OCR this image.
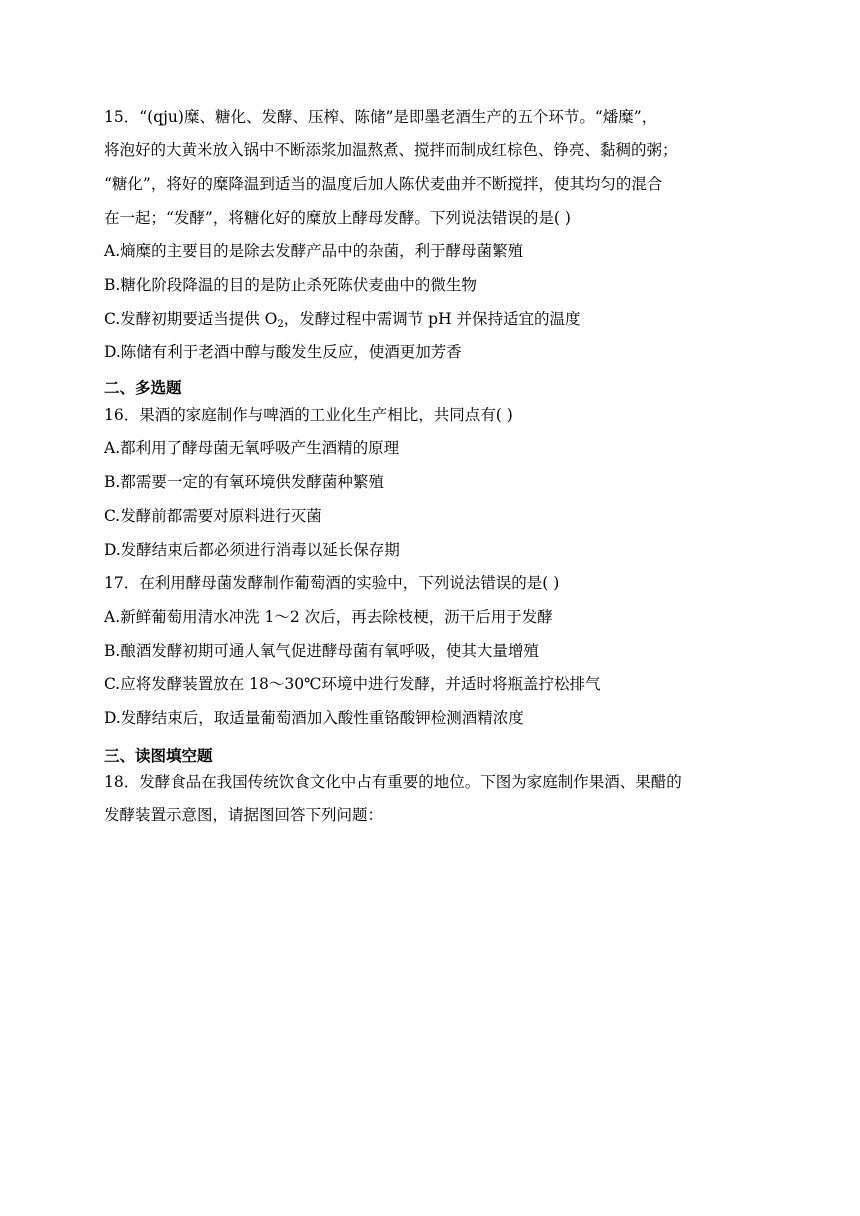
15．“(qju)糜、糖化、发酵、压榨、陈储”是即墨老酒生产的五个环节。“燔糜”，
将泡好的大黄米放入锅中不断添浆加温熬煮、搅拌而制成红棕色、铮亮、黏稠的粥；
“糖化”，将好的糜降温到适当的温度后加人陈伏麦曲并不断搅拌，使其均匀的混合
在一起；“发酵”，将糖化好的糜放上酵母发酵。下列说法错误的是( )
A.熵糜的主要目的是除去发酵产品中的杂菌，利于酵母菌繁殖
B.糖化阶段降温的目的是防止杀死陈伏麦曲中的微生物
C.发酵初期要适当提供 $O_2$，发酵过程中需调节 pH 并保持适宜的温度
D.陈储有利于老酒中醇与酸发生反应，使酒更加芳香
二、多选题
16．果酒的家庭制作与啤酒的工业化生产相比，共同点有( )
A.都利用了酵母菌无氧呼吸产生酒精的原理
B.都需要一定的有氧环境供发酵菌种繁殖
C.发酵前都需要对原料进行灭菌
D.发酵结束后都必须进行消毒以延长保存期
17．在利用酵母菌发酵制作葡萄酒的实验中，下列说法错误的是( )
A.新鲜葡萄用清水冲洗 1～2 次后，再去除枝梗，沥干后用于发酵
B.酿酒发酵初期可通人氧气促进酵母菌有氧呼吸，使其大量增殖
C.应将发酵装置放在 18～30℃环境中进行发酵，并适时将瓶盖拧松排气
D.发酵结束后，取适量葡萄酒加入酸性重铬酸钾检测酒精浓度
三、读图填空题
18．发酵食品在我国传统饮食文化中占有重要的地位。下图为家庭制作果酒、果醋的
发酵装置示意图，请据图回答下列问题：
